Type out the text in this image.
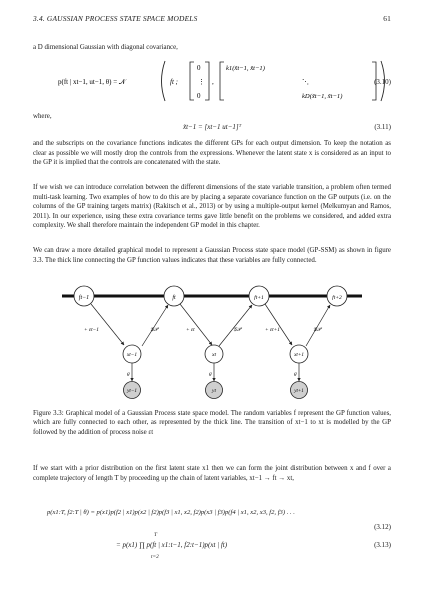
3.4. GAUSSIAN PROCESS STATE SPACE MODELS	61
a D dimensional Gaussian with diagonal covariance,
p(ft | xt−1, ut−1, θ) = 𝒩	ft ;
0
⋮
0
,
k1(x̃t−1, x̃t−1)
⋱
kD(x̃t−1, x̃t−1)
(3.10)
where,
x̃t−1 = [xt−1 ut−1]ᵀ	(3.11)
and the subscripts on the covariance functions indicates the different GPs for each output dimension. To keep the notation as clear as possible we will mostly drop the controls from the expressions. Whenever the latent state x is considered as an input to the GP it is implied that the controls are concatenated with the state.
If we wish we can introduce correlation between the different dimensions of the state variable transition, a problem often termed multi-task learning. Two examples of how to do this are by placing a separate covariance function on the GP outputs (i.e. on the columns of the GP training targets matrix) (Rakitsch et al., 2013) or by using a multiple-output kernel (Melkumyan and Ramos, 2011). In our experience, using these extra covariance terms gave little benefit on the problems we considered, and added extra complexity. We shall therefore maintain the independent GP model in this chapter.
We can draw a more detailed graphical model to represent a Gaussian Process state space model (GP-SSM) as shown in figure 3.3. The thick line connecting the GP function values indicates that these variables are fully connected.
ft−1	ft	ft+1	ft+2
+ εt−1	𝒢𝒫	+ εt	𝒢𝒫	+ εt+1	𝒢𝒫
xt−1	xt	xt+1
g	g	g
yt−1	yt	yt+1
Figure 3.3: Graphical model of a Gaussian Process state space model. The random variables f represent the GP function values, which are fully connected to each other, as represented by the thick line. The transition of xt−1 to xt is modelled by the GP followed by the addition of process noise εt
If we start with a prior distribution on the first latent state x1 then we can form the joint distribution between x and f over a complete trajectory of length T by proceeding up the chain of latent variables, xt−1 → ft → xt,
p(x1:T, f2:T | θ) = p(x1)p(f2 | x1)p(x2 | f2)p(f3 | x1, x2, f2)p(x3 | f3)p(f4 | x1, x2, x3, f2, f3) . . .
(3.12)
T
= p(x1) ∏ p(ft | x1:t−1, f2:t−1)p(xt | ft)
t=2
(3.13)
